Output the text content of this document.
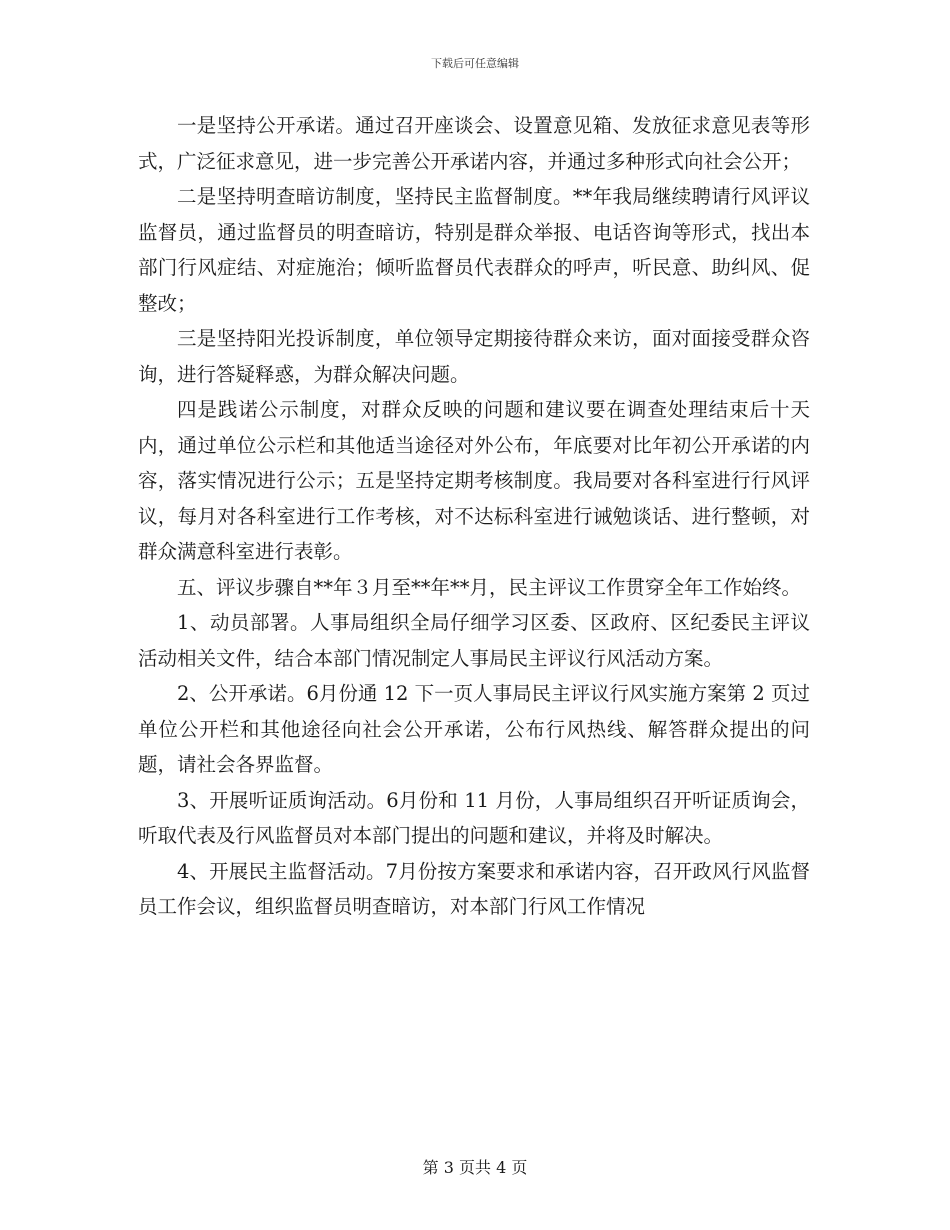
下载后可任意编辑

一是坚持公开承诺。通过召开座谈会、设置意见箱、发放征求意见表等形式，广泛征求意见，进一步完善公开承诺内容，并通过多种形式向社会公开；

二是坚持明查暗访制度，坚持民主监督制度。**年我局继续聘请行风评议监督员，通过监督员的明查暗访，特别是群众举报、电话咨询等形式，找出本部门行风症结、对症施治；倾听监督员代表群众的呼声，听民意、助纠风、促整改；

三是坚持阳光投诉制度，单位领导定期接待群众来访，面对面接受群众咨询，进行答疑释惑，为群众解决问题。

四是践诺公示制度，对群众反映的问题和建议要在调查处理结束后十天内，通过单位公示栏和其他适当途径对外公布，年底要对比年初公开承诺的内容，落实情况进行公示；五是坚持定期考核制度。我局要对各科室进行行风评议，每月对各科室进行工作考核，对不达标科室进行诫勉谈话、进行整顿，对群众满意科室进行表彰。

五、评议步骤自**年３月至**年**月，民主评议工作贯穿全年工作始终。

1、动员部署。人事局组织全局仔细学习区委、区政府、区纪委民主评议活动相关文件，结合本部门情况制定人事局民主评议行风活动方案。

2、公开承诺。6月份通 12 下一页人事局民主评议行风实施方案第 2 页过单位公开栏和其他途径向社会公开承诺，公布行风热线、解答群众提出的问题，请社会各界监督。

3、开展听证质询活动。6月份和 11 月份，人事局组织召开听证质询会，听取代表及行风监督员对本部门提出的问题和建议，并将及时解决。

4、开展民主监督活动。7月份按方案要求和承诺内容，召开政风行风监督员工作会议，组织监督员明查暗访，对本部门行风工作情况

第 3 页共 4 页
